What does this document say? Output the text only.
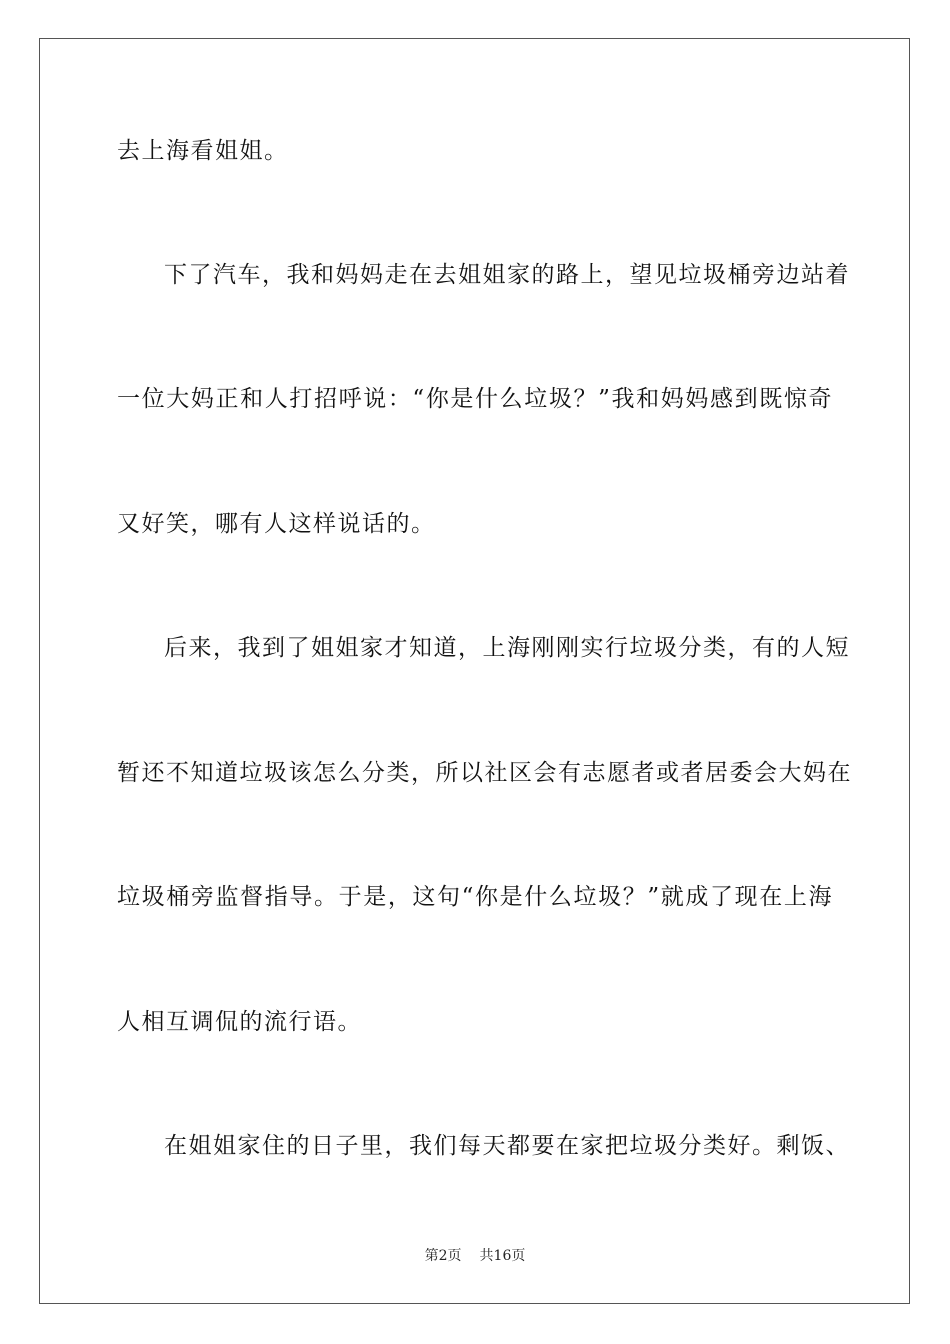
去上海看姐姐。
下了汽车，我和妈妈走在去姐姐家的路上，望见垃圾桶旁边站着
一位大妈正和人打招呼说：“你是什么垃圾？”我和妈妈感到既惊奇
又好笑，哪有人这样说话的。
后来，我到了姐姐家才知道，上海刚刚实行垃圾分类，有的人短
暂还不知道垃圾该怎么分类，所以社区会有志愿者或者居委会大妈在
垃圾桶旁监督指导。于是，这句“你是什么垃圾？”就成了现在上海
人相互调侃的流行语。
在姐姐家住的日子里，我们每天都要在家把垃圾分类好。剩饭、
第2页 共16页
